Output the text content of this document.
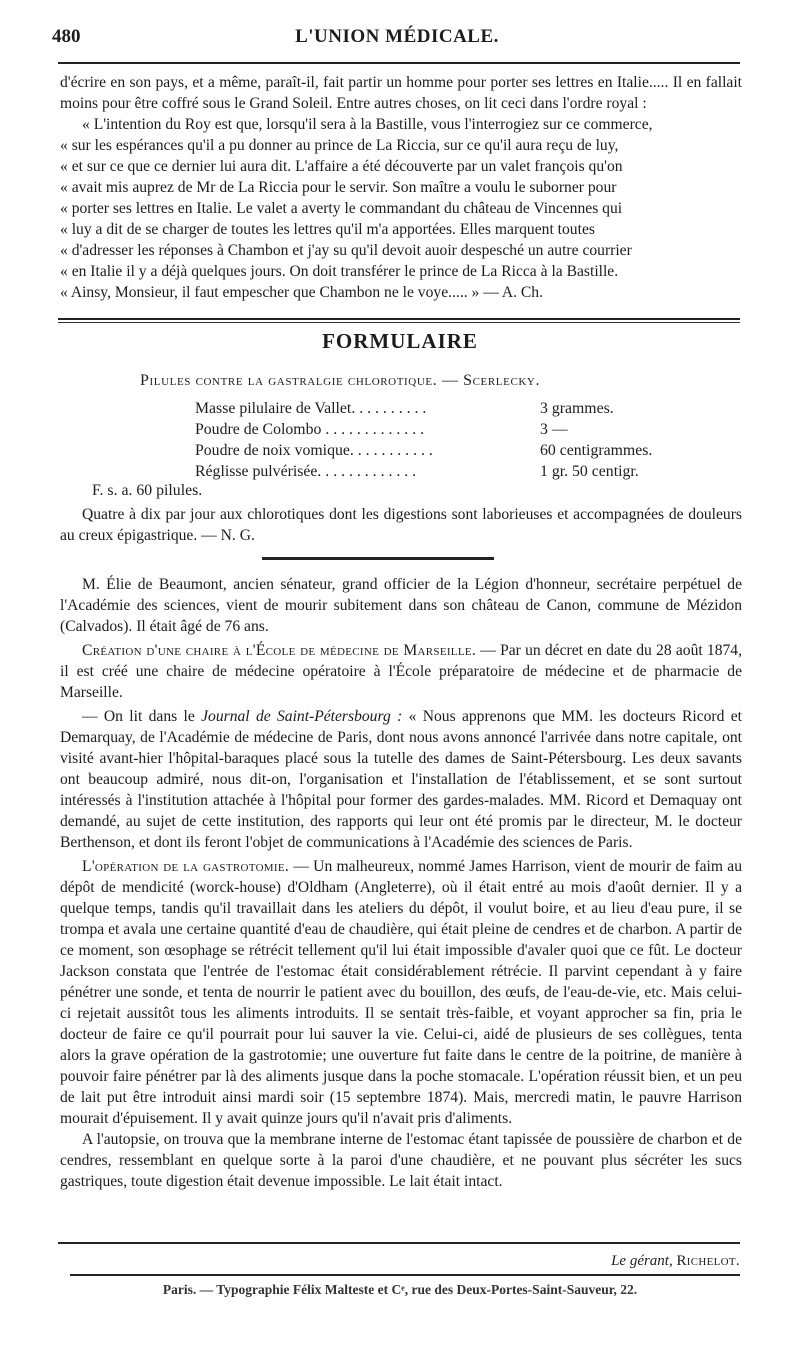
480	L'UNION MÉDICALE.

d'écrire en son pays, et a même, paraît-il, fait partir un homme pour porter ses lettres en Italie..... Il en fallait moins pour être coffré sous le Grand Soleil. Entre autres choses, on lit ceci dans l'ordre royal :

« L'intention du Roy est que, lorsqu'il sera à la Bastille, vous l'interrogiez sur ce commerce,

« sur les espérances qu'il a pu donner au prince de La Riccia, sur ce qu'il aura reçu de luy,

« et sur ce que ce dernier lui aura dit. L'affaire a été découverte par un valet françois qu'on

« avait mis auprez de Mr de La Riccia pour le servir. Son maître a voulu le suborner pour

« porter ses lettres en Italie. Le valet a averty le commandant du château de Vincennes qui

« luy a dit de se charger de toutes les lettres qu'il m'a apportées. Elles marquent toutes

« d'adresser les réponses à Chambon et j'ay su qu'il devoit auoir despesché un autre courrier

« en Italie il y a déjà quelques jours. On doit transférer le prince de La Ricca à la Bastille.

« Ainsy, Monsieur, il faut empescher que Chambon ne le voye..... » — A. Ch.

FORMULAIRE
Pilules contre la gastralgie chlorotique. — Scerlecky.
Masse pilulaire de Vallet. . . . . . . . . .	3 grammes.
Poudre de Colombo . . . . . . . . . . . . .	3 —
Poudre de noix vomique. . . . . . . . . . .	60 centigrammes.
Réglisse pulvérisée. . . . . . . . . . . . .	1 gr. 50 centigr.
F. s. a. 60 pilules.

Quatre à dix par jour aux chlorotiques dont les digestions sont laborieuses et accompagnées de douleurs au creux épigastrique. — N. G.

M. Élie de Beaumont, ancien sénateur, grand officier de la Légion d'honneur, secrétaire perpétuel de l'Académie des sciences, vient de mourir subitement dans son château de Canon, commune de Mézidon (Calvados). Il était âgé de 76 ans.

Création d'une chaire à l'École de médecine de Marseille. — Par un décret en date du 28 août 1874, il est créé une chaire de médecine opératoire à l'École préparatoire de médecine et de pharmacie de Marseille.

— On lit dans le Journal de Saint-Pétersbourg : « Nous apprenons que MM. les docteurs Ricord et Demarquay, de l'Académie de médecine de Paris, dont nous avons annoncé l'arrivée dans notre capitale, ont visité avant-hier l'hôpital-baraques placé sous la tutelle des dames de Saint-Pétersbourg. Les deux savants ont beaucoup admiré, nous dit-on, l'organisation et l'installation de l'établissement, et se sont surtout intéressés à l'institution attachée à l'hôpital pour former des gardes-malades. MM. Ricord et Demaquay ont demandé, au sujet de cette institution, des rapports qui leur ont été promis par le directeur, M. le docteur Berthenson, et dont ils feront l'objet de communications à l'Académie des sciences de Paris.

L'opération de la gastrotomie. — Un malheureux, nommé James Harrison, vient de mourir de faim au dépôt de mendicité (worck-house) d'Oldham (Angleterre), où il était entré au mois d'août dernier. Il y a quelque temps, tandis qu'il travaillait dans les ateliers du dépôt, il voulut boire, et au lieu d'eau pure, il se trompa et avala une certaine quantité d'eau de chaudière, qui était pleine de cendres et de charbon. A partir de ce moment, son œsophage se rétrécit tellement qu'il lui était impossible d'avaler quoi que ce fût. Le docteur Jackson constata que l'entrée de l'estomac était considérablement rétrécie. Il parvint cependant à y faire pénétrer une sonde, et tenta de nourrir le patient avec du bouillon, des œufs, de l'eau-de-vie, etc. Mais celui-ci rejetait aussitôt tous les aliments introduits. Il se sentait très-faible, et voyant approcher sa fin, pria le docteur de faire ce qu'il pourrait pour lui sauver la vie. Celui-ci, aidé de plusieurs de ses collègues, tenta alors la grave opération de la gastrotomie; une ouverture fut faite dans le centre de la poitrine, de manière à pouvoir faire pénétrer par là des aliments jusque dans la poche stomacale. L'opération réussit bien, et un peu de lait put être introduit ainsi mardi soir (15 septembre 1874). Mais, mercredi matin, le pauvre Harrison mourait d'épuisement. Il y avait quinze jours qu'il n'avait pris d'aliments.

A l'autopsie, on trouva que la membrane interne de l'estomac étant tapissée de poussière de charbon et de cendres, ressemblant en quelque sorte à la paroi d'une chaudière, et ne pouvant plus sécréter les sucs gastriques, toute digestion était devenue impossible. Le lait était intact.

Le gérant, Richelot.
Paris. — Typographie Félix Malteste et Cᵉ, rue des Deux-Portes-Saint-Sauveur, 22.
